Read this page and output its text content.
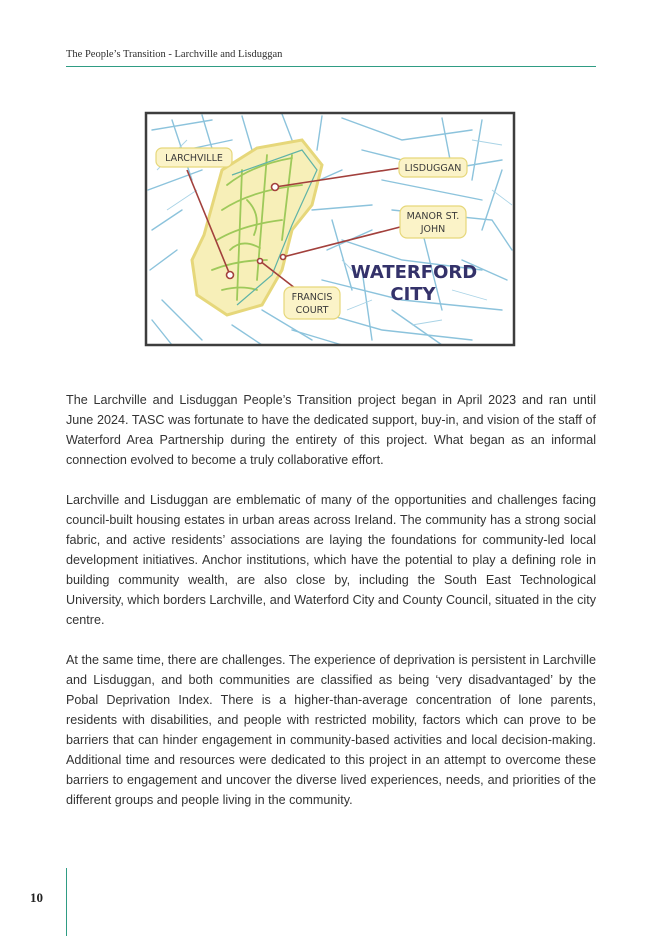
The People’s Transition - Larchville and Lisduggan
LARCHVILLE
LISDUGGAN
MANOR ST.
JOHN
FRANCIS
COURT
WATERFORD
CITY

The Larchville and Lisduggan People’s Transition project began in April 2023 and ran until June 2024. TASC was fortunate to have the dedicated support, buy-in, and vision of the staff of Waterford Area Partnership during the entirety of this project. What began as an informal connection evolved to become a truly collaborative effort.

Larchville and Lisduggan are emblematic of many of the opportunities and challenges facing council-built housing estates in urban areas across Ireland. The community has a strong social fabric, and active residents’ associations are laying the foundations for community-led local development initiatives. Anchor institutions, which have the potential to play a defining role in building community wealth, are also close by, including the South East Technological University, which borders Larchville, and Waterford City and County Council, situated in the city centre.

At the same time, there are challenges. The experience of deprivation is persistent in Larchville and Lisduggan, and both communities are classified as being ‘very disadvantaged’ by the Pobal Deprivation Index. There is a higher-than-average concentration of lone parents, residents with disabilities, and people with restricted mobility, factors which can prove to be barriers that can hinder engagement in community-based activities and local decision-making. Additional time and resources were dedicated to this project in an attempt to overcome these barriers to engagement and uncover the diverse lived experiences, needs, and priorities of the different groups and people living in the community.

10
